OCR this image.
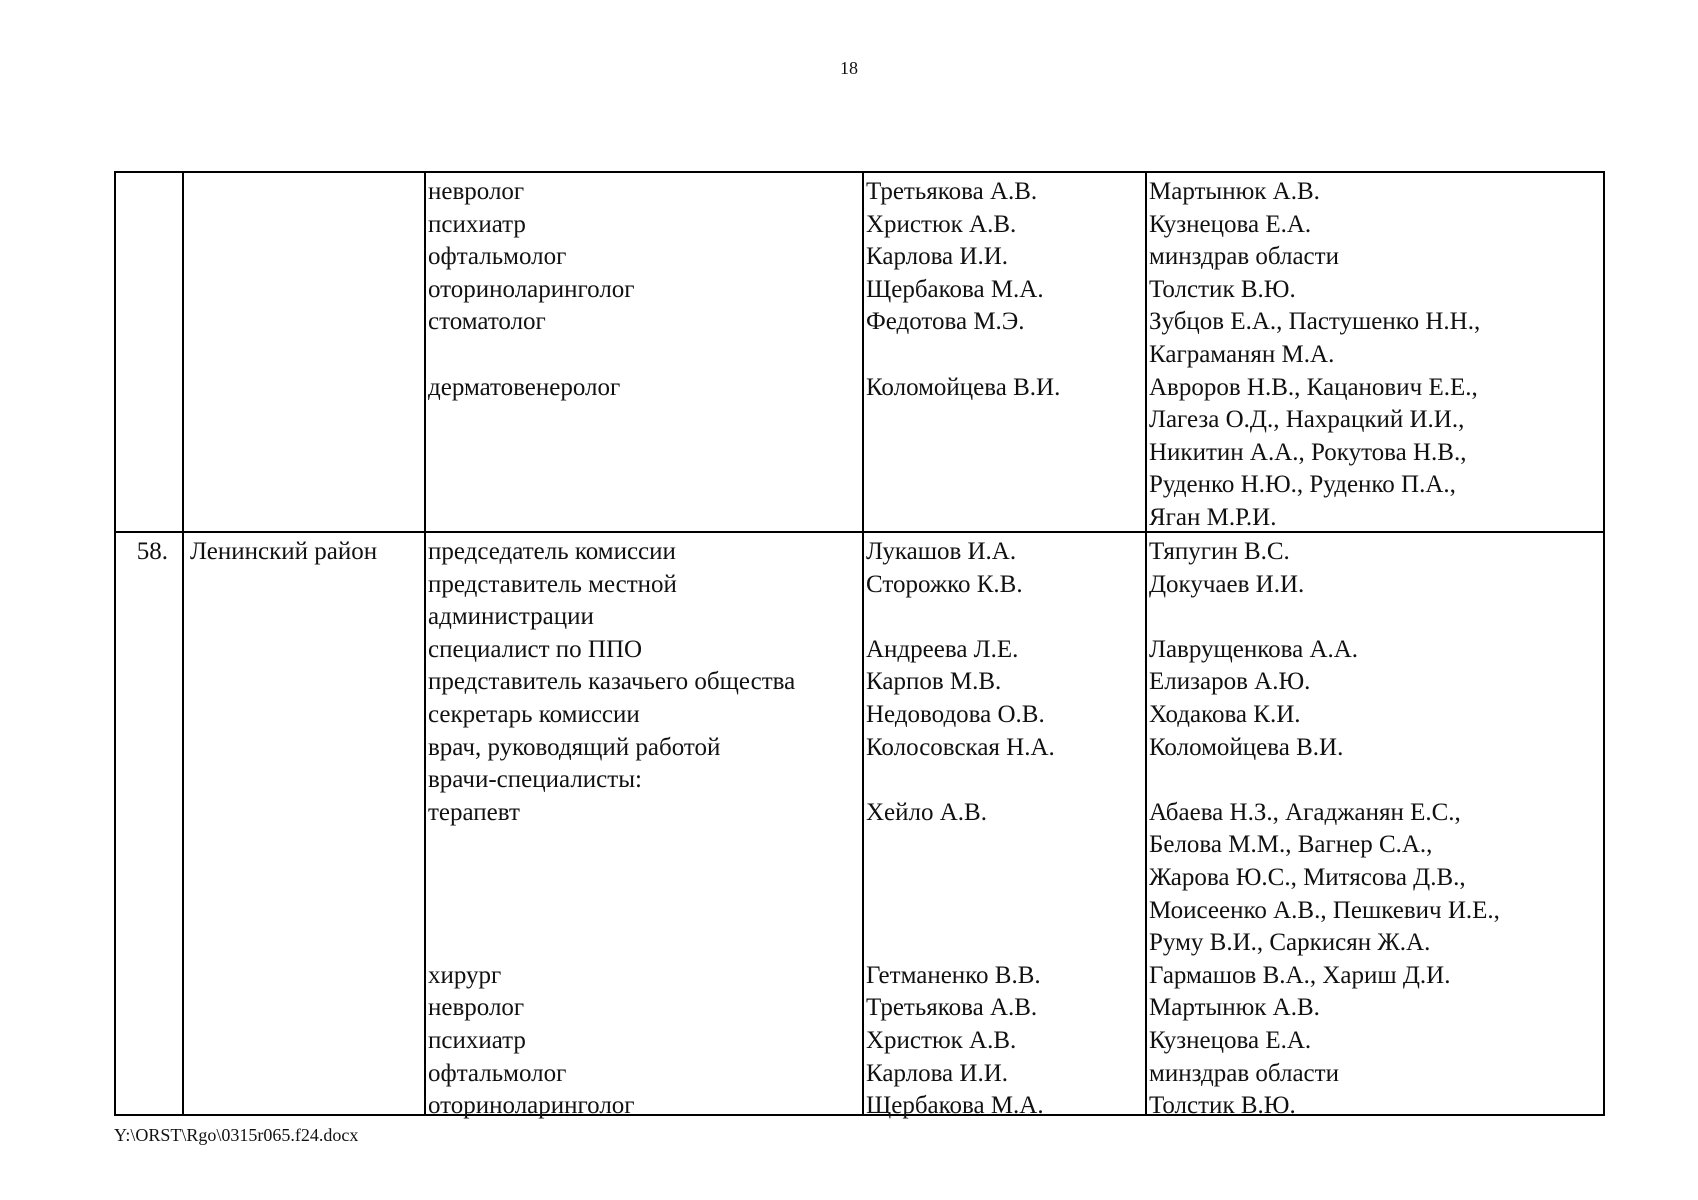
18
невролог
психиатр
офтальмолог
оториноларинголог
стоматолог
дерматовенеролог
Третьякова А.В.
Христюк А.В.
Карлова И.И.
Щербакова М.А.
Федотова М.Э.
Коломойцева В.И.
Мартынюк А.В.
Кузнецова Е.А.
минздрав области
Толстик В.Ю.
Зубцов Е.А., Пастушенко Н.Н.,
Каграманян М.А.
Авроров Н.В., Кацанович Е.Е.,
Лагеза О.Д., Нахрацкий И.И.,
Никитин А.А., Рокутова Н.В.,
Руденко Н.Ю., Руденко П.А.,
Яган М.Р.И.
58. Ленинский район	председатель комиссии
представитель местной
администрации
специалист по ППО
представитель казачьего общества
секретарь комиссии
врач, руководящий работой
врачи-специалисты:
терапевт
хирург
невролог
психиатр
офтальмолог
оториноларинголог
Лукашов И.А.
Сторожко К.В.
Андреева Л.Е.
Карпов М.В.
Недоводова О.В.
Колосовская Н.А.
Хейло А.В.
Гетманенко В.В.
Третьякова А.В.
Христюк А.В.
Карлова И.И.
Щербакова М.А.
Тяпугин В.С.
Докучаев И.И.
Лаврущенкова А.А.
Елизаров А.Ю.
Ходакова К.И.
Коломойцева В.И.
Абаева Н.З., Агаджанян Е.С.,
Белова М.М., Вагнер С.А.,
Жарова Ю.С., Митясова Д.В.,
Моисеенко А.В., Пешкевич И.Е.,
Руму В.И., Саркисян Ж.А.
Гармашов В.А., Хариш Д.И.
Мартынюк А.В.
Кузнецова Е.А.
минздрав области
Толстик В.Ю.
Y:\ORST\Rgo\0315r065.f24.docx
